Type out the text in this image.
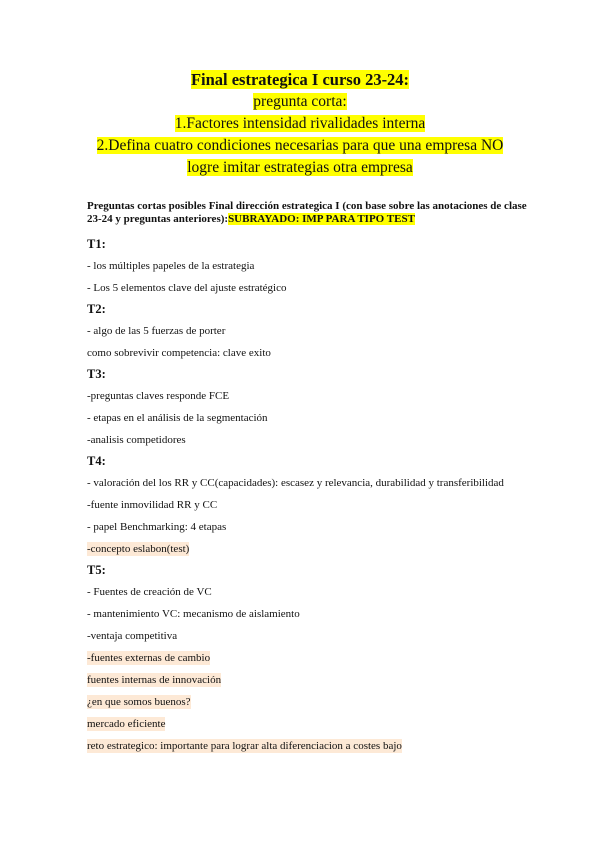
Final estrategica I curso 23-24:
pregunta corta:
1.Factores intensidad rivalidades interna
2.Defina cuatro condiciones necesarias para que una empresa NO
logre imitar estrategias otra empresa
Preguntas cortas posibles Final dirección estrategica I (con base sobre las anotaciones de clase 23-24 y preguntas anteriores):SUBRAYADO: IMP PARA TIPO TEST
T1:
- los múltiples papeles de la estrategia
- Los 5 elementos clave del ajuste estratégico
T2:
- algo de las 5 fuerzas de porter
como sobrevivir competencia: clave exito
T3:
-preguntas claves responde FCE
- etapas en el análisis de la segmentación
-analisis competidores
T4:
- valoración del los RR y CC(capacidades): escasez y relevancia, durabilidad y transferibilidad
-fuente inmovilidad RR y CC
- papel Benchmarking: 4 etapas
-concepto eslabon(test)
T5:
- Fuentes de creación de VC
- mantenimiento VC: mecanismo de aislamiento
-ventaja competitiva
-fuentes externas de cambio
fuentes internas de innovación
¿en que somos buenos?
mercado eficiente
reto estrategico: importante para lograr alta diferenciacion a costes bajo
